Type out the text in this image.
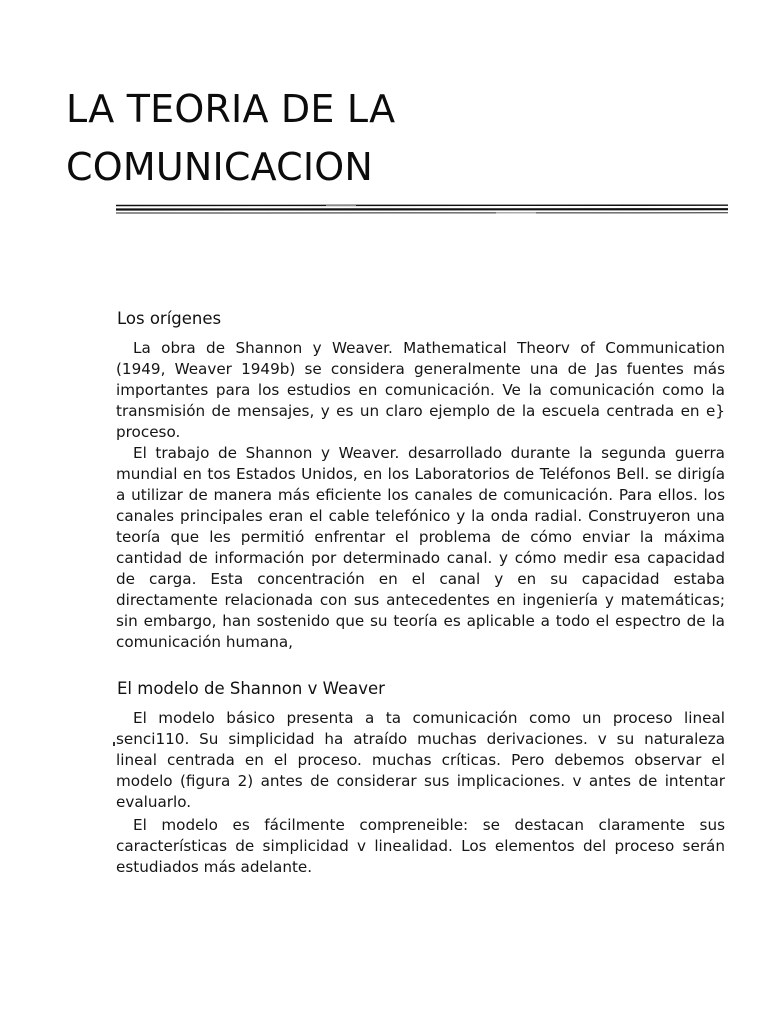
LA TEORIA DE LA
COMUNICACION
Los orígenes

La obra de Shannon y Weaver. Mathematical Theorv of Communication (1949, Weaver 1949b) se considera generalmente una de Jas fuentes más importantes para los estudios en comunicación. Ve la comunicación como la transmisión de mensajes, y es un claro ejemplo de la escuela centrada en e} proceso.

El trabajo de Shannon y Weaver. desarrollado durante la segunda guerra mundial en tos Estados Unidos, en los Laboratorios de Teléfonos Bell. se dirigía a utilizar de manera más eficiente los canales de comunicación. Para ellos. los canales principales eran el cable telefónico y la onda radial. Construyeron una teoría que les permitió enfrentar el problema de cómo enviar la máxima cantidad de información por determinado canal. y cómo medir esa capacidad de carga. Esta concentración en el canal y en su capacidad estaba directamente relacionada con sus antecedentes en ingeniería y matemáticas; sin embargo, han sostenido que su teoría es aplicable a todo el espectro de la comunicación humana,

El modelo de Shannon v Weaver

El modelo básico presenta a ta comunicación como un proceso lineal senci110. Su simplicidad ha atraído muchas derivaciones. v su naturaleza lineal centrada en el proceso. muchas críticas. Pero debemos observar el modelo (figura 2) antes de considerar sus implicaciones. v antes de intentar evaluarlo.

El modelo es fácilmente compreneible: se destacan claramente sus características de simplicidad v linealidad. Los elementos del proceso serán estudiados más adelante.
